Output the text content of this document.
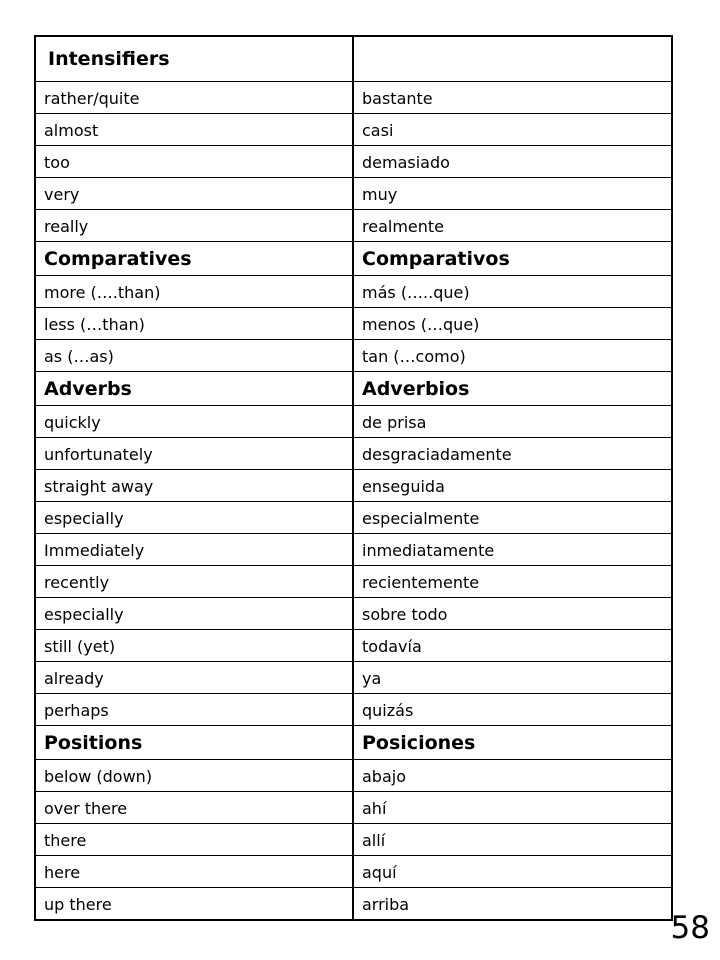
Intensifiers	
rather/quite	bastante
almost	casi
too	demasiado
very	muy
really	realmente
Comparatives	Comparativos
more (….than)	más (…..que)
less (…than)	menos (…que)
as (…as)	tan (…como)
Adverbs	Adverbios
quickly	de prisa
unfortunately	desgraciadamente
straight away	enseguida
especially	especialmente
Immediately	inmediatamente
recently	recientemente
especially	sobre todo
still (yet)	todavía
already	ya
perhaps	quizás
Positions	Posiciones
below (down)	abajo
over there	ahí
there	allí
here	aquí
up there	arriba
58
